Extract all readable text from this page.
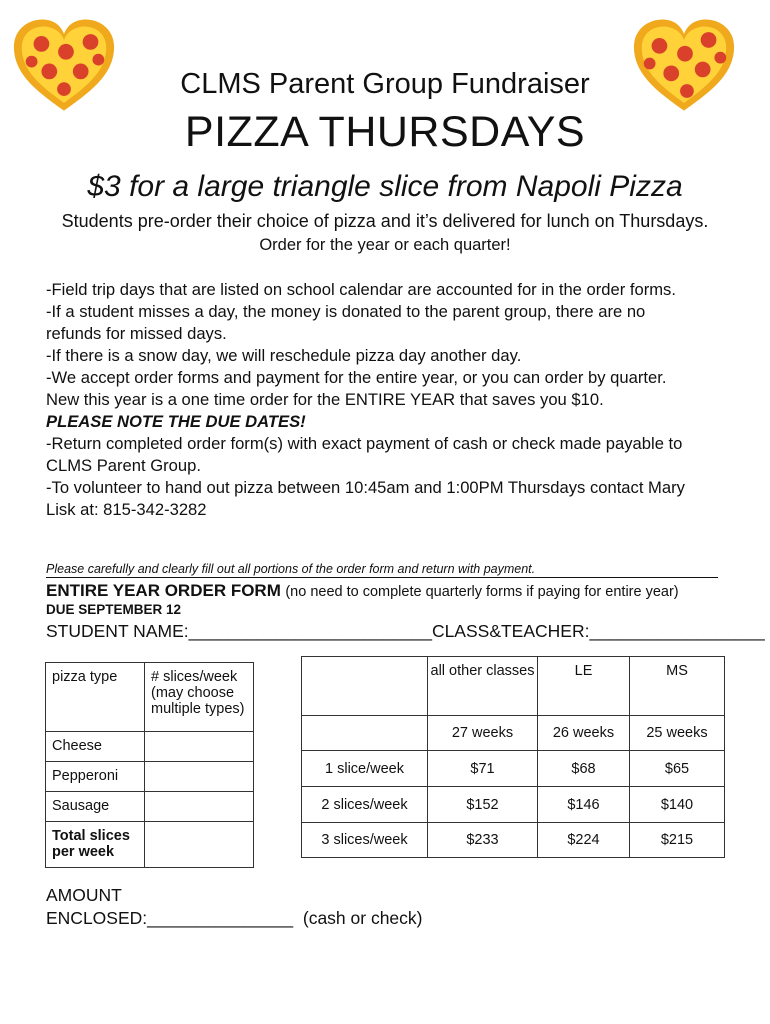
CLMS Parent Group Fundraiser
PIZZA THURSDAYS
$3 for a large triangle slice from Napoli Pizza
Students pre-order their choice of pizza and it’s delivered for lunch on Thursdays.
Order for the year or each quarter!
-Field trip days that are listed on school calendar are accounted for in the order forms.
-If a student misses a day, the money is donated to the parent group, there are no
refunds for missed days.
-If there is a snow day, we will reschedule pizza day another day.
-We accept order forms and payment for the entire year, or you can order by quarter.
New this year is a one time order for the ENTIRE YEAR that saves you $10.
PLEASE NOTE THE DUE DATES!
-Return completed order form(s) with exact payment of cash or check made payable to
CLMS Parent Group.
-To volunteer to hand out pizza between 10:45am and 1:00PM Thursdays contact Mary
Lisk at: 815-342-3282
Please carefully and clearly fill out all portions of the order form and return with payment.
ENTIRE YEAR ORDER FORM (no need to complete quarterly forms if paying for entire year)
DUE SEPTEMBER 12
STUDENT NAME:_________________________CLASS&TEACHER:__________________
pizza type	# slices/week (may choose multiple types)
Cheese	
Pepperoni	
Sausage	
Total slices per week	
	all other classes	LE	MS
	27 weeks	26 weeks	25 weeks
1 slice/week	$71	$68	$65
2 slices/week	$152	$146	$140
3 slices/week	$233	$224	$215
AMOUNT
ENCLOSED:_______________ (cash or check)
